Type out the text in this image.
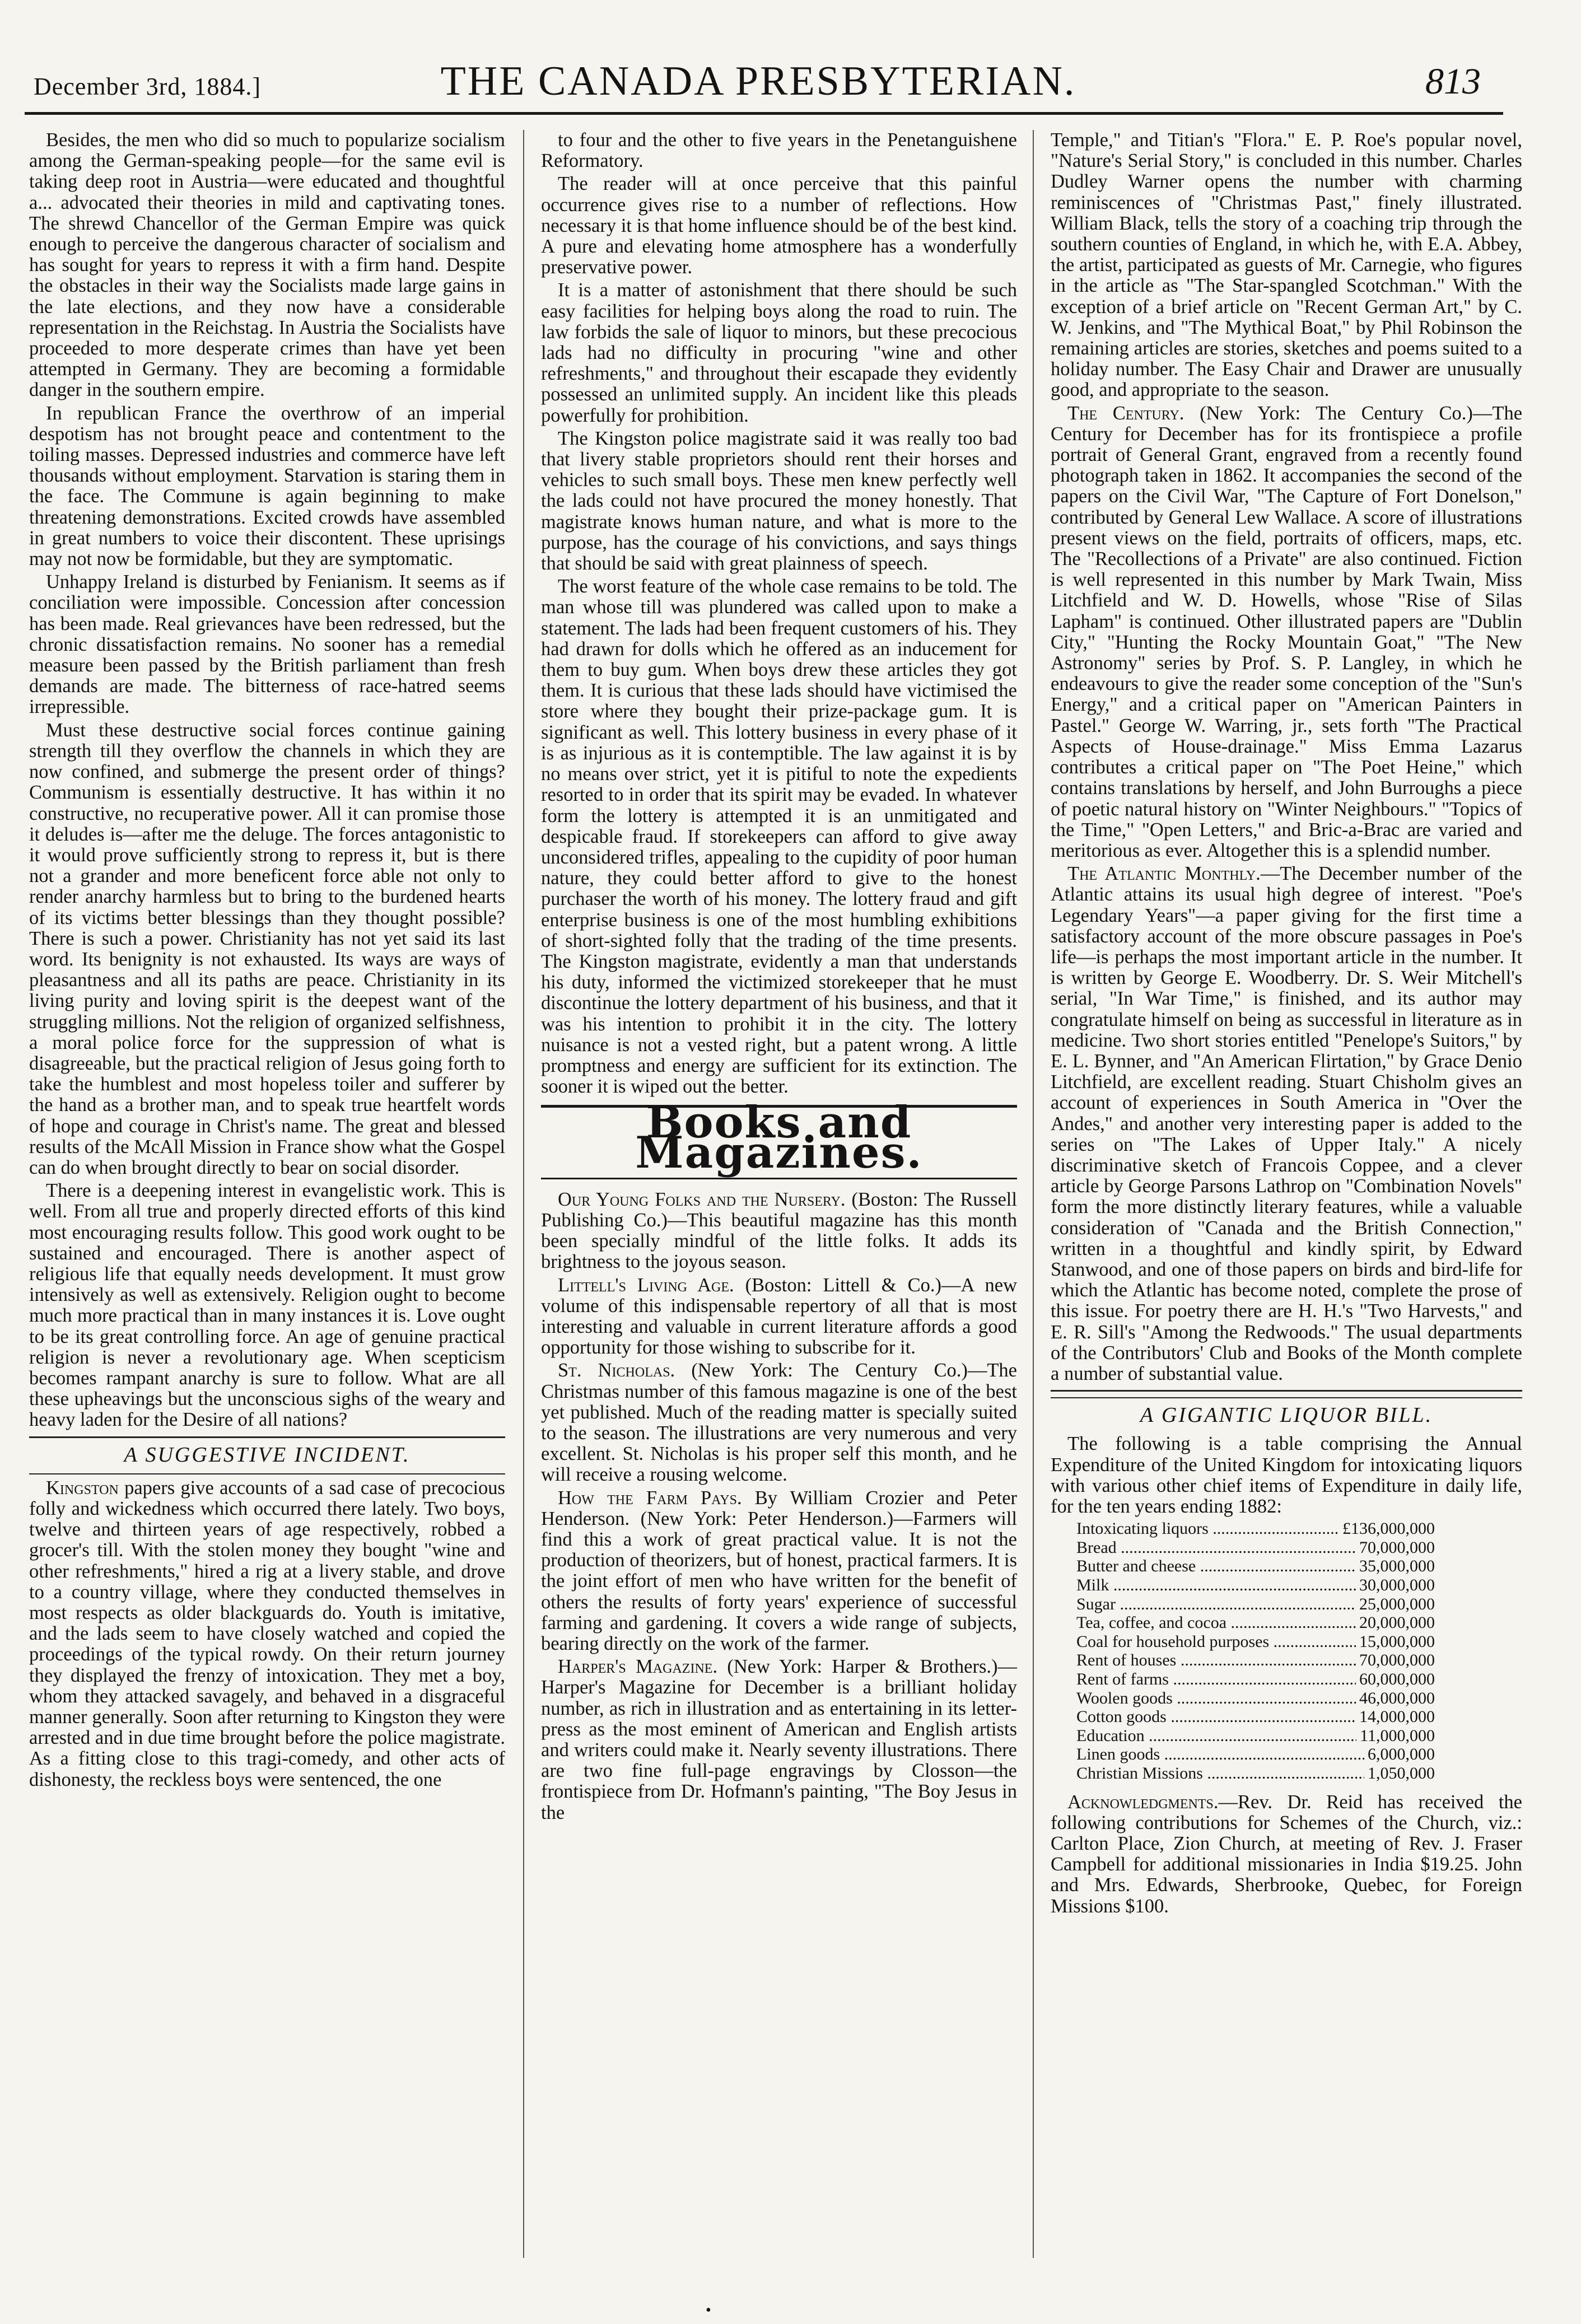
December 3rd, 1884.]	THE CANADA PRESBYTERIAN.	813

Besides, the men who did so much to popularize socialism among the German-speaking people—for the same evil is taking deep root in Austria—were educated and thoughtful a... advocated their theories in mild and captivating tones. The shrewd Chancellor of the German Empire was quick enough to perceive the dangerous character of socialism and has sought for years to repress it with a firm hand. Despite the obstacles in their way the Socialists made large gains in the late elections, and they now have a considerable representation in the Reichstag. In Austria the Socialists have proceeded to more desperate crimes than have yet been attempted in Germany. They are becoming a formidable danger in the southern empire.

In republican France the overthrow of an imperial despotism has not brought peace and contentment to the toiling masses. Depressed industries and commerce have left thousands without employment. Starvation is staring them in the face. The Commune is again beginning to make threatening demonstrations. Excited crowds have assembled in great numbers to voice their discontent. These uprisings may not now be formidable, but they are symptomatic.

Unhappy Ireland is disturbed by Fenianism. It seems as if conciliation were impossible. Concession after concession has been made. Real grievances have been redressed, but the chronic dissatisfaction remains. No sooner has a remedial measure been passed by the British parliament than fresh demands are made. The bitterness of race-hatred seems irrepressible.

Must these destructive social forces continue gaining strength till they overflow the channels in which they are now confined, and submerge the present order of things? Communism is essentially destructive. It has within it no constructive, no recuperative power. All it can promise those it deludes is—after me the deluge. The forces antagonistic to it would prove sufficiently strong to repress it, but is there not a grander and more beneficent force able not only to render anarchy harmless but to bring to the burdened hearts of its victims better blessings than they thought possible? There is such a power. Christianity has not yet said its last word. Its benignity is not exhausted. Its ways are ways of pleasantness and all its paths are peace. Christianity in its living purity and loving spirit is the deepest want of the struggling millions. Not the religion of organized selfishness, a moral police force for the suppression of what is disagreeable, but the practical religion of Jesus going forth to take the humblest and most hopeless toiler and sufferer by the hand as a brother man, and to speak true heartfelt words of hope and courage in Christ's name. The great and blessed results of the McAll Mission in France show what the Gospel can do when brought directly to bear on social disorder.

There is a deepening interest in evangelistic work. This is well. From all true and properly directed efforts of this kind most encouraging results follow. This good work ought to be sustained and encouraged. There is another aspect of religious life that equally needs development. It must grow intensively as well as extensively. Religion ought to become much more practical than in many instances it is. Love ought to be its great controlling force. An age of genuine practical religion is never a revolutionary age. When scepticism becomes rampant anarchy is sure to follow. What are all these upheavings but the unconscious sighs of the weary and heavy laden for the Desire of all nations?

A SUGGESTIVE INCIDENT.

Kingston papers give accounts of a sad case of precocious folly and wickedness which occurred there lately. Two boys, twelve and thirteen years of age respectively, robbed a grocer's till. With the stolen money they bought "wine and other refreshments," hired a rig at a livery stable, and drove to a country village, where they conducted themselves in most respects as older blackguards do. Youth is imitative, and the lads seem to have closely watched and copied the proceedings of the typical rowdy. On their return journey they displayed the frenzy of intoxication. They met a boy, whom they attacked savagely, and behaved in a disgraceful manner generally. Soon after returning to Kingston they were arrested and in due time brought before the police magistrate. As a fitting close to this tragi-comedy, and other acts of dishonesty, the reckless boys were sentenced, the one

to four and the other to five years in the Penetanguishene Reformatory.

The reader will at once perceive that this painful occurrence gives rise to a number of reflections. How necessary it is that home influence should be of the best kind. A pure and elevating home atmosphere has a wonderfully preservative power.

It is a matter of astonishment that there should be such easy facilities for helping boys along the road to ruin. The law forbids the sale of liquor to minors, but these precocious lads had no difficulty in procuring "wine and other refreshments," and throughout their escapade they evidently possessed an unlimited supply. An incident like this pleads powerfully for prohibition.

The Kingston police magistrate said it was really too bad that livery stable proprietors should rent their horses and vehicles to such small boys. These men knew perfectly well the lads could not have procured the money honestly. That magistrate knows human nature, and what is more to the purpose, has the courage of his convictions, and says things that should be said with great plainness of speech.

The worst feature of the whole case remains to be told. The man whose till was plundered was called upon to make a statement. The lads had been frequent customers of his. They had drawn for dolls which he offered as an inducement for them to buy gum. When boys drew these articles they got them. It is curious that these lads should have victimised the store where they bought their prize-package gum. It is significant as well. This lottery business in every phase of it is as injurious as it is contemptible. The law against it is by no means over strict, yet it is pitiful to note the expedients resorted to in order that its spirit may be evaded. In whatever form the lottery is attempted it is an unmitigated and despicable fraud. If storekeepers can afford to give away unconsidered trifles, appealing to the cupidity of poor human nature, they could better afford to give to the honest purchaser the worth of his money. The lottery fraud and gift enterprise business is one of the most humbling exhibitions of short-sighted folly that the trading of the time presents. The Kingston magistrate, evidently a man that understands his duty, informed the victimized storekeeper that he must discontinue the lottery department of his business, and that it was his intention to prohibit it in the city. The lottery nuisance is not a vested right, but a patent wrong. A little promptness and energy are sufficient for its extinction. The sooner it is wiped out the better.

Books and Magazines.

Our Young Folks and the Nursery. (Boston: The Russell Publishing Co.)—This beautiful magazine has this month been specially mindful of the little folks. It adds its brightness to the joyous season.

Littell's Living Age. (Boston: Littell & Co.)—A new volume of this indispensable repertory of all that is most interesting and valuable in current literature affords a good opportunity for those wishing to subscribe for it.

St. Nicholas. (New York: The Century Co.)—The Christmas number of this famous magazine is one of the best yet published. Much of the reading matter is specially suited to the season. The illustrations are very numerous and very excellent. St. Nicholas is his proper self this month, and he will receive a rousing welcome.

How the Farm Pays. By William Crozier and Peter Henderson. (New York: Peter Henderson.)—Farmers will find this a work of great practical value. It is not the production of theorizers, but of honest, practical farmers. It is the joint effort of men who have written for the benefit of others the results of forty years' experience of successful farming and gardening. It covers a wide range of subjects, bearing directly on the work of the farmer.

Harper's Magazine. (New York: Harper & Brothers.)—Harper's Magazine for December is a brilliant holiday number, as rich in illustration and as entertaining in its letter-press as the most eminent of American and English artists and writers could make it. Nearly seventy illustrations. There are two fine full-page engravings by Closson—the frontispiece from Dr. Hofmann's painting, "The Boy Jesus in the

Temple," and Titian's "Flora." E. P. Roe's popular novel, "Nature's Serial Story," is concluded in this number. Charles Dudley Warner opens the number with charming reminiscences of "Christmas Past," finely illustrated. William Black, tells the story of a coaching trip through the southern counties of England, in which he, with E.A. Abbey, the artist, participated as guests of Mr. Carnegie, who figures in the article as "The Star-spangled Scotchman." With the exception of a brief article on "Recent German Art," by C. W. Jenkins, and "The Mythical Boat," by Phil Robinson the remaining articles are stories, sketches and poems suited to a holiday number. The Easy Chair and Drawer are unusually good, and appropriate to the season.

The Century. (New York: The Century Co.)—The Century for December has for its frontispiece a profile portrait of General Grant, engraved from a recently found photograph taken in 1862. It accompanies the second of the papers on the Civil War, "The Capture of Fort Donelson," contributed by General Lew Wallace. A score of illustrations present views on the field, portraits of officers, maps, etc. The "Recollections of a Private" are also continued. Fiction is well represented in this number by Mark Twain, Miss Litchfield and W. D. Howells, whose "Rise of Silas Lapham" is continued. Other illustrated papers are "Dublin City," "Hunting the Rocky Mountain Goat," "The New Astronomy" series by Prof. S. P. Langley, in which he endeavours to give the reader some conception of the "Sun's Energy," and a critical paper on "American Painters in Pastel." George W. Warring, jr., sets forth "The Practical Aspects of House-drainage." Miss Emma Lazarus contributes a critical paper on "The Poet Heine," which contains translations by herself, and John Burroughs a piece of poetic natural history on "Winter Neighbours." "Topics of the Time," "Open Letters," and Bric-a-Brac are varied and meritorious as ever. Altogether this is a splendid number.

The Atlantic Monthly.—The December number of the Atlantic attains its usual high degree of interest. "Poe's Legendary Years"—a paper giving for the first time a satisfactory account of the more obscure passages in Poe's life—is perhaps the most important article in the number. It is written by George E. Woodberry. Dr. S. Weir Mitchell's serial, "In War Time," is finished, and its author may congratulate himself on being as successful in literature as in medicine. Two short stories entitled "Penelope's Suitors," by E. L. Bynner, and "An American Flirtation," by Grace Denio Litchfield, are excellent reading. Stuart Chisholm gives an account of experiences in South America in "Over the Andes," and another very interesting paper is added to the series on "The Lakes of Upper Italy." A nicely discriminative sketch of Francois Coppee, and a clever article by George Parsons Lathrop on "Combination Novels" form the more distinctly literary features, while a valuable consideration of "Canada and the British Connection," written in a thoughtful and kindly spirit, by Edward Stanwood, and one of those papers on birds and bird-life for which the Atlantic has become noted, complete the prose of this issue. For poetry there are H. H.'s "Two Harvests," and E. R. Sill's "Among the Redwoods." The usual departments of the Contributors' Club and Books of the Month complete a number of substantial value.

A GIGANTIC LIQUOR BILL.

The following is a table comprising the Annual Expenditure of the United Kingdom for intoxicating liquors with various other chief items of Expenditure in daily life, for the ten years ending 1882:

Intoxicating liquors .....	£136,000,000
Bread .....	70,000,000
Butter and cheese .....	35,000,000
Milk .....	30,000,000
Sugar .....	25,000,000
Tea, coffee, and cocoa .....	20,000,000
Coal for household purposes .....	15,000,000
Rent of houses .....	70,000,000
Rent of farms .....	60,000,000
Woolen goods .....	46,000,000
Cotton goods .....	14,000,000
Education .....	11,000,000
Linen goods .....	6,000,000
Christian Missions .....	1,050,000

Acknowledgments.—Rev. Dr. Reid has received the following contributions for Schemes of the Church, viz.: Carlton Place, Zion Church, at meeting of Rev. J. Fraser Campbell for additional missionaries in India $19.25. John and Mrs. Edwards, Sherbrooke, Quebec, for Foreign Missions $100.

•
